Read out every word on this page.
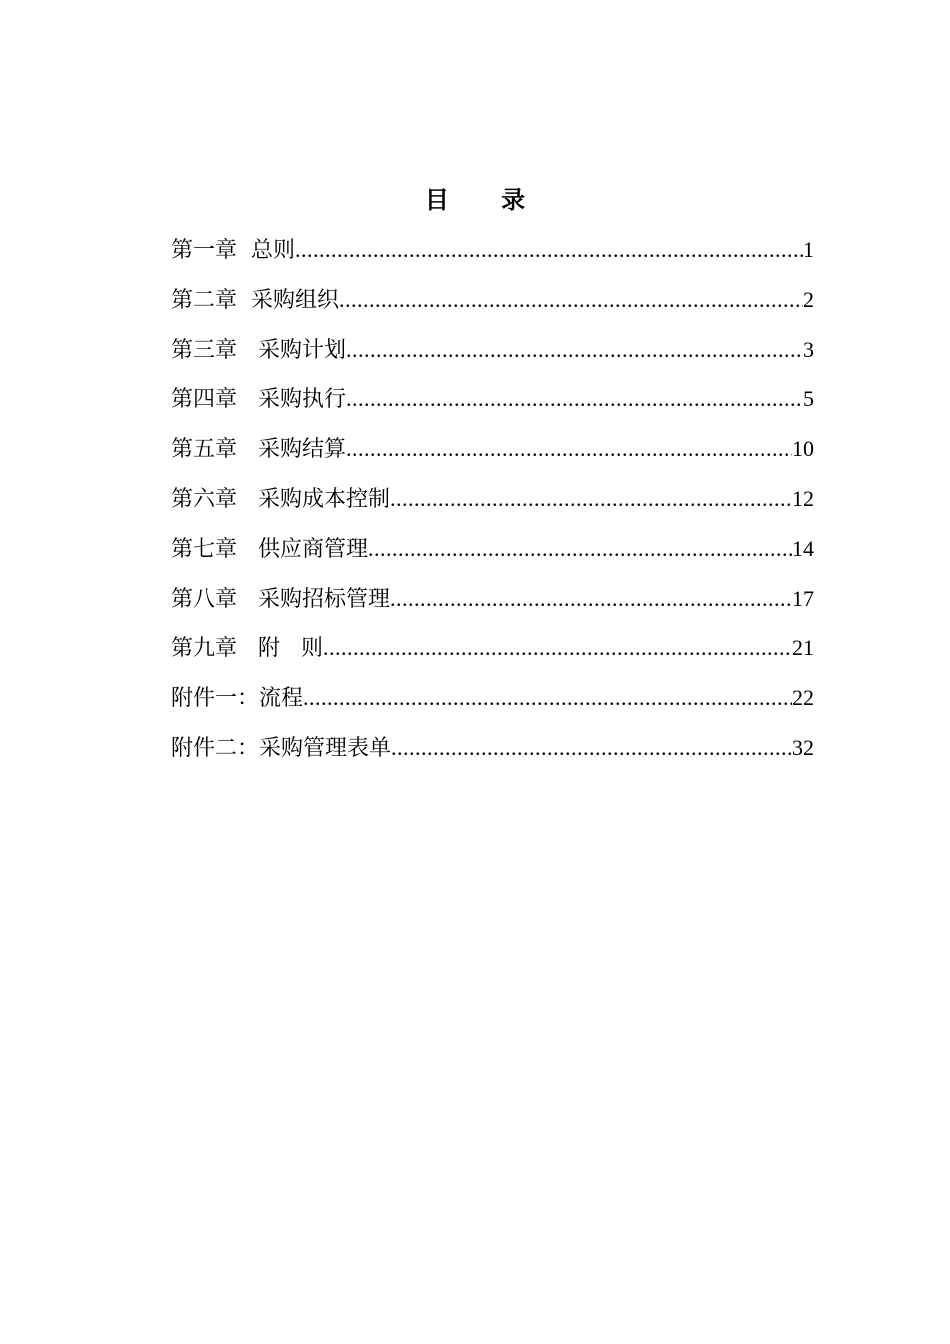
目 录
第一章  总则 .....	1
第二章  采购组织 .....	2
第三章   采购计划 .....	3
第四章   采购执行 .....	5
第五章   采购结算 .....	10
第六章   采购成本控制 .....	12
第七章   供应商管理 .....	14
第八章   采购招标管理 .....	17
第九章   附   则 .....	21
附件一：流程 .....	22
附件二：采购管理表单 .....	32
